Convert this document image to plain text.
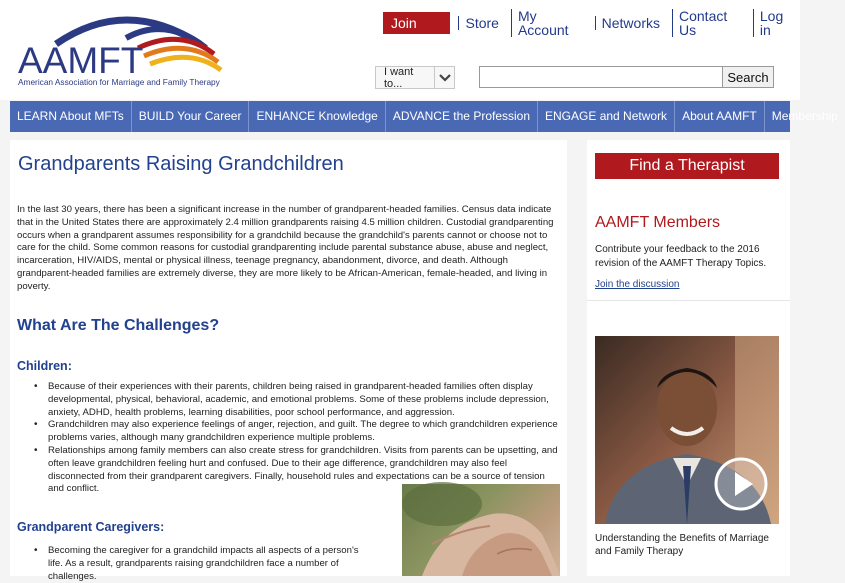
AAMFT
American Association for Marriage and Family Therapy
Join Now
Store	My Account	Networks	Contact Us
Log in
I want to...	Search
LEARN About MFTs	BUILD Your Career	ENHANCE Knowledge	ADVANCE the Profession	ENGAGE and Network	About AAMFT	Membership
Grandparents Raising Grandchildren

In the last 30 years, there has been a significant increase in the number of grandparent-headed families. Census data indicate that in the United States there are approximately 2.4 million grandparents raising 4.5 million children. Custodial grandparenting occurs when a grandparent assumes responsibility for a grandchild because the grandchild's parents cannot or choose not to care for the child. Some common reasons for custodial grandparenting include parental substance abuse, abuse and neglect, incarceration, HIV/AIDS, mental or physical illness, teenage pregnancy, abandonment, divorce, and death. Although grandparent-headed families are extremely diverse, they are more likely to be African-American, female-headed, and living in poverty.

What Are The Challenges?
Children:
• Because of their experiences with their parents, children being raised in grandparent-headed families often display developmental, physical, behavioral, academic, and emotional problems. Some of these problems include depression, anxiety, ADHD, health problems, learning disabilities, poor school performance, and aggression.
• Grandchildren may also experience feelings of anger, rejection, and guilt. The degree to which grandchildren experience problems varies, although many grandchildren experience multiple problems.
• Relationships among family members can also create stress for grandchildren. Visits from parents can be upsetting, and often leave grandchildren feeling hurt and confused. Due to their age difference, grandchildren may also feel disconnected from their grandparent caregivers. Finally, household rules and expectations can be a source of tension and conflict.
Grandparent Caregivers:
• Becoming the caregiver for a grandchild impacts all aspects of a person's life. As a result, grandparents raising grandchildren face a number of challenges.
Find a Therapist
AAMFT Members

Contribute your feedback to the 2016 revision of the AAMFT Therapy Topics.

Join the discussion

Understanding the Benefits of Marriage and Family Therapy
